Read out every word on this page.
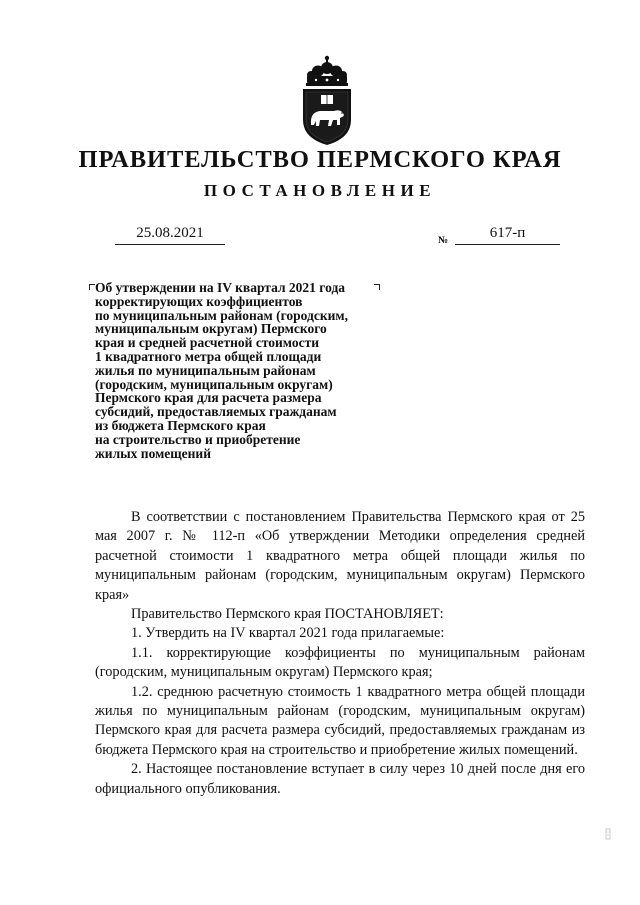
ПРАВИТЕЛЬСТВО ПЕРМСКОГО КРАЯ
ПОСТАНОВЛЕНИЕ
25.08.2021	№	617-п
Об утверждении на IV квартал 2021 года
корректирующих коэффициентов
по муниципальным районам (городским,
муниципальным округам) Пермского
края и средней расчетной стоимости
1 квадратного метра общей площади
жилья по муниципальным районам
(городским, муниципальным округам)
Пермского края для расчета размера
субсидий, предоставляемых гражданам
из бюджета Пермского края
на строительство и приобретение
жилых помещений

В соответствии с постановлением Правительства Пермского края от 25 мая 2007 г. № 112-п «Об утверждении Методики определения средней расчетной стоимости 1 квадратного метра общей площади жилья по муниципальным районам (городским, муниципальным округам) Пермского края»

Правительство Пермского края ПОСТАНОВЛЯЕТ:

1. Утвердить на IV квартал 2021 года прилагаемые:

1.1. корректирующие коэффициенты по муниципальным районам (городским, муниципальным округам) Пермского края;

1.2. среднюю расчетную стоимость 1 квадратного метра общей площади жилья по муниципальным районам (городским, муниципальным округам) Пермского края для расчета размера субсидий, предоставляемых гражданам из бюджета Пермского края на строительство и приобретение жилых помещений.

2. Настоящее постановление вступает в силу через 10 дней после дня его официального опубликования.
